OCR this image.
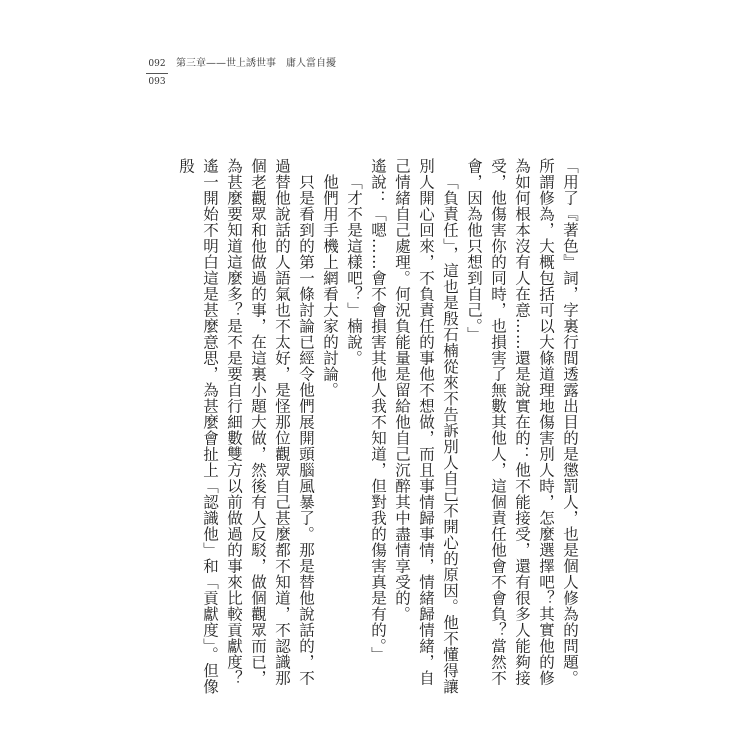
092
093
第三章——世上誘世事　庸人當自擾

「用了『著色』詞，字裏行間透露出目的是懲罰人，也是個人修為的問題。所謂修為，大概包括可以大條道理地傷害別人時，怎麼選擇吧？其實他的修為如何根本沒有人在意……還是說實在的：他不能接受，還有很多人能夠接受，他傷害你的同時，也損害了無數其他人，這個責任他會不會負？當然不會，因為他只想到自己。」

「負責任」，這也是殷石楠從來不告訴別人自己不開心的原因。他不懂得讓別人開心回來，不負責任的事他不想做，而且事情歸事情，情緒歸情緒，自己情緒自己處理。何況負能量是留給他自己沉醉其中盡情享受的。

遙說：「嗯……會不會損害其他人我不知道，但對我的傷害真是有的。」

「才不是這樣吧？」楠說。

他們用手機上網看大家的討論。

只是看到的第一條討論已經令他們展開頭腦風暴了。那是替他說話的，不過替他說話的人語氣也不太好，是怪那位觀眾自己甚麼都不知道，不認識那個老觀眾和他做過的事，在這裏小題大做，然後有人反駁，做個觀眾而已，為甚麼要知道這麼多？是不是要自行細數雙方以前做過的事來比較貢獻度？

遙一開始不明白這是甚麼意思，為甚麼會扯上「認識他」和「貢獻度」。但像殷
